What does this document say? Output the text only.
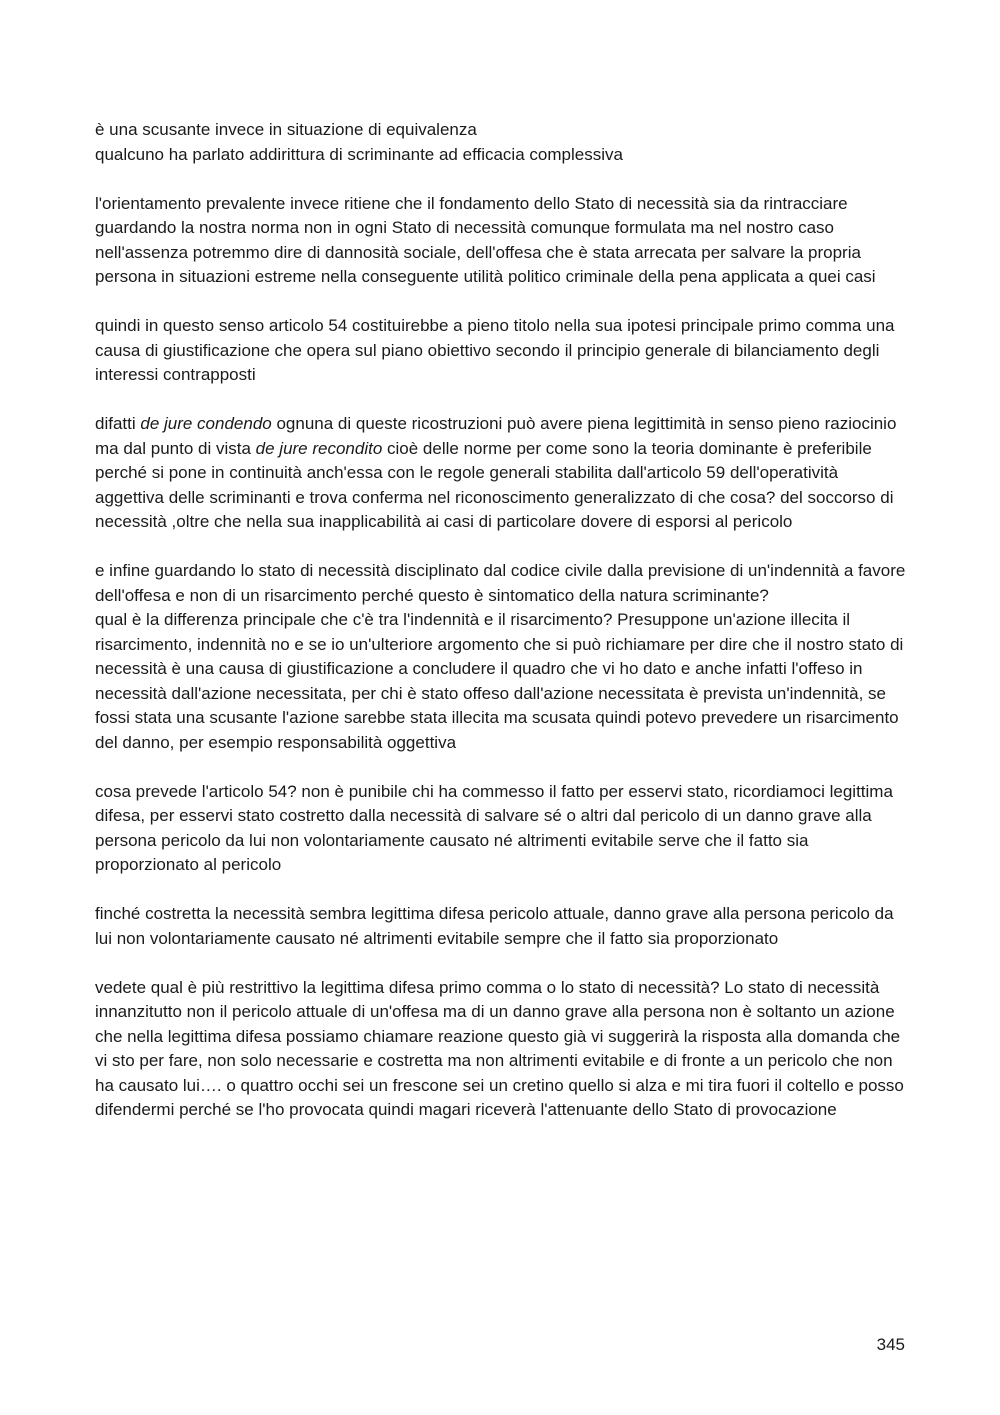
è una scusante invece in situazione di equivalenza

qualcuno ha parlato addirittura di scriminante ad efficacia complessiva

l'orientamento prevalente invece ritiene che il fondamento dello Stato di necessità sia da rintracciare guardando la nostra norma non in ogni Stato di necessità comunque formulata ma nel nostro caso nell'assenza potremmo dire di dannosità sociale, dell'offesa che è stata arrecata per salvare la propria persona in situazioni estreme nella conseguente utilità politico criminale della pena applicata a quei casi

quindi in questo senso articolo 54 costituirebbe a pieno titolo nella sua ipotesi principale primo comma una causa di giustificazione che opera sul piano obiettivo secondo il principio generale di bilanciamento degli interessi contrapposti

difatti de jure condendo ognuna di queste ricostruzioni può avere piena legittimità in senso pieno raziocinio ma dal punto di vista de jure recondito cioè delle norme per come sono la teoria dominante è preferibile perché si pone in continuità anch'essa con le regole generali stabilita dall'articolo 59 dell'operatività aggettiva delle scriminanti e trova conferma nel riconoscimento generalizzato di che cosa? del soccorso di necessità ,oltre che nella sua inapplicabilità ai casi di particolare dovere di esporsi al pericolo

e infine guardando lo stato di necessità disciplinato dal codice civile dalla previsione di un'indennità a favore dell'offesa e non di un risarcimento perché questo è sintomatico della natura scriminante?

qual è la differenza principale che c'è tra l'indennità e il risarcimento? Presuppone un'azione illecita il risarcimento, indennità no e se io un'ulteriore argomento che si può richiamare per dire che il nostro stato di necessità è una causa di giustificazione a concludere il quadro che vi ho dato e anche infatti l'offeso in necessità dall'azione necessitata, per chi è stato offeso dall'azione necessitata è prevista un'indennità, se fossi stata una scusante l'azione sarebbe stata illecita ma scusata quindi potevo prevedere un risarcimento del danno, per esempio responsabilità oggettiva

cosa prevede l'articolo 54? non è punibile chi ha commesso il fatto per esservi stato, ricordiamoci legittima difesa, per esservi stato costretto dalla necessità di salvare sé o altri dal pericolo di un danno grave alla persona pericolo da lui non volontariamente causato né altrimenti evitabile serve che il fatto sia proporzionato al pericolo

finché costretta la necessità sembra legittima difesa pericolo attuale, danno grave alla persona pericolo da lui non volontariamente causato né altrimenti evitabile sempre che il fatto sia proporzionato

vedete qual è più restrittivo la legittima difesa primo comma o lo stato di necessità? Lo stato di necessità innanzitutto non il pericolo attuale di un'offesa ma di un danno grave alla persona non è soltanto un azione che nella legittima difesa possiamo chiamare reazione questo già vi suggerirà la risposta alla domanda che vi sto per fare, non solo necessarie e costretta ma non altrimenti evitabile e di fronte a un pericolo che non ha causato lui…. o quattro occhi sei un frescone sei un cretino quello si alza e mi tira fuori il coltello e posso difendermi perché se l'ho provocata quindi magari riceverà l'attenuante dello Stato di provocazione

345
